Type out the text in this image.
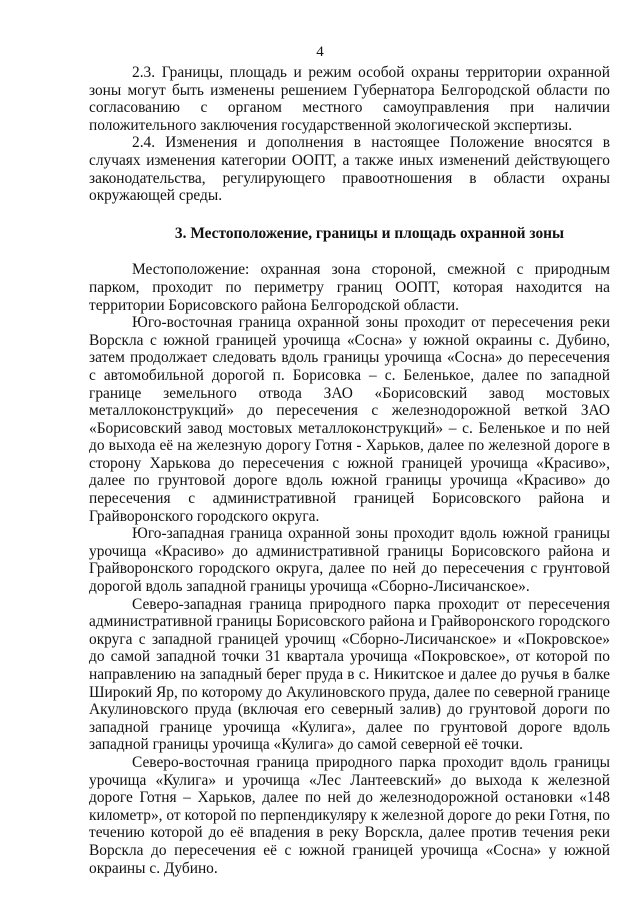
4

2.3. Границы, площадь и режим особой охраны территории охранной зоны могут быть изменены решением Губернатора Белгородской области по согласованию с органом местного самоуправления при наличии положительного заключения государственной экологической экспертизы.

2.4. Изменения и дополнения в настоящее Положение вносятся в случаях изменения категории ООПТ, а также иных изменений действующего законодательства, регулирующего правоотношения в области охраны окружающей среды.

3. Местоположение, границы и площадь охранной зоны

Местоположение: охранная зона стороной, смежной с природным парком, проходит по периметру границ ООПТ, которая находится на территории Борисовского района Белгородской области.

Юго-восточная граница охранной зоны проходит от пересечения реки Ворскла с южной границей урочища «Сосна» у южной окраины с. Дубино, затем продолжает следовать вдоль границы урочища «Сосна» до пересечения с автомобильной дорогой п. Борисовка – с. Беленькое, далее по западной границе земельного отвода ЗАО «Борисовский завод мостовых металлоконструкций» до пересечения с железнодорожной веткой ЗАО «Борисовский завод мостовых металлоконструкций» – с. Беленькое и по ней до выхода её на железную дорогу Готня - Харьков, далее по железной дороге в сторону Харькова до пересечения с южной границей урочища «Красиво», далее по грунтовой дороге вдоль южной границы урочища «Красиво» до пересечения с административной границей Борисовского района и Грайворонского городского округа.

Юго-западная граница охранной зоны проходит вдоль южной границы урочища «Красиво» до административной границы Борисовского района и Грайворонского городского округа, далее по ней до пересечения с грунтовой дорогой вдоль западной границы урочища «Сборно-Лисичанское».

Северо-западная граница природного парка проходит от пересечения административной границы Борисовского района и Грайворонского городского округа с западной границей урочищ «Сборно-Лисичанское» и «Покровское» до самой западной точки 31 квартала урочища «Покровское», от которой по направлению на западный берег пруда в с. Никитское и далее до ручья в балке Широкий Яр, по которому до Акулиновского пруда, далее по северной границе Акулиновского пруда (включая его северный залив) до грунтовой дороги по западной границе урочища «Кулига», далее по грунтовой дороге вдоль западной границы урочища «Кулига» до самой северной её точки.

Северо-восточная граница природного парка проходит вдоль границы урочища «Кулига» и урочища «Лес Лантеевский» до выхода к железной дороге Готня – Харьков, далее по ней до железнодорожной остановки «148 километр», от которой по перпендикуляру к железной дороге до реки Готня, по течению которой до её впадения в реку Ворскла, далее против течения реки Ворскла до пересечения её с южной границей урочища «Сосна» у южной окраины с. Дубино.
